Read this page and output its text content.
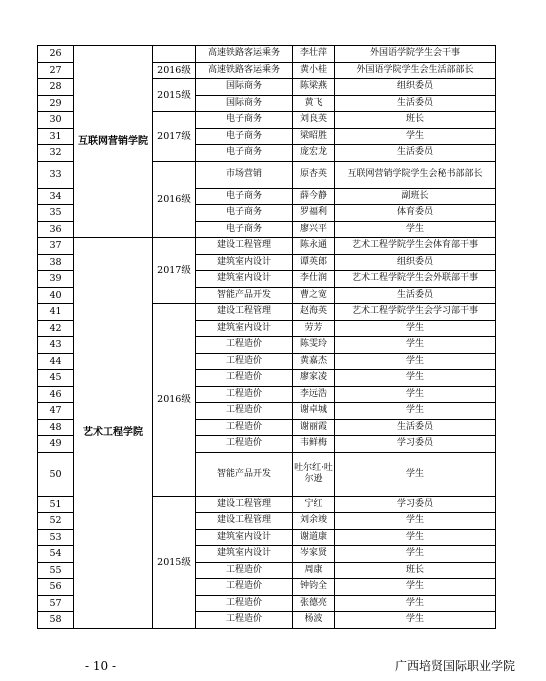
26	互联网营销学院		高速铁路客运乘务	李壮萍	外国语学院学生会干事
27		2016级	高速铁路客运乘务	黄小桂	外国语学院学生会生活部部长
28		2015级	国际商务	陈梁燕	组织委员
29			国际商务	黄飞	生活委员
30		2017级	电子商务	刘良英	班长
31			电子商务	梁昭胜	学生
32			电子商务	庞宏龙	生活委员
33		2016级	市场营销	原杏英	互联网营销学院学生会秘书部部长
34			电子商务	薛今静	副班长
35			电子商务	罗福利	体育委员
36			电子商务	廖兴平	学生
37	艺术工程学院	2017级	建设工程管理	陈永通	艺术工程学院学生会体育部干事
38			建筑室内设计	谭英郎	组织委员
39			建筑室内设计	李仕润	艺术工程学院学生会外联部干事
40			智能产品开发	曹之宽	生活委员
41		2016级	建设工程管理	赵海英	艺术工程学院学生会学习部干事
42			建筑室内设计	劳芳	学生
43			工程造价	陈雯玲	学生
44			工程造价	黄嘉杰	学生
45			工程造价	廖家凌	学生
46			工程造价	李远浩	学生
47			工程造价	谢卓城	学生
48			工程造价	谢丽霞	生活委员
49			工程造价	韦鲜梅	学习委员
50			智能产品开发	吐尔红·吐尔逊	学生
51		2015级	建设工程管理	宁红	学习委员
52			建设工程管理	刘余竣	学生
53			建筑室内设计	谢道康	学生
54			建筑室内设计	岑家贤	学生
55			工程造价	周康	班长
56			工程造价	钟钧全	学生
57			工程造价	张德亮	学生
58			工程造价	杨波	学生
- 10 -	广西培贤国际职业学院
